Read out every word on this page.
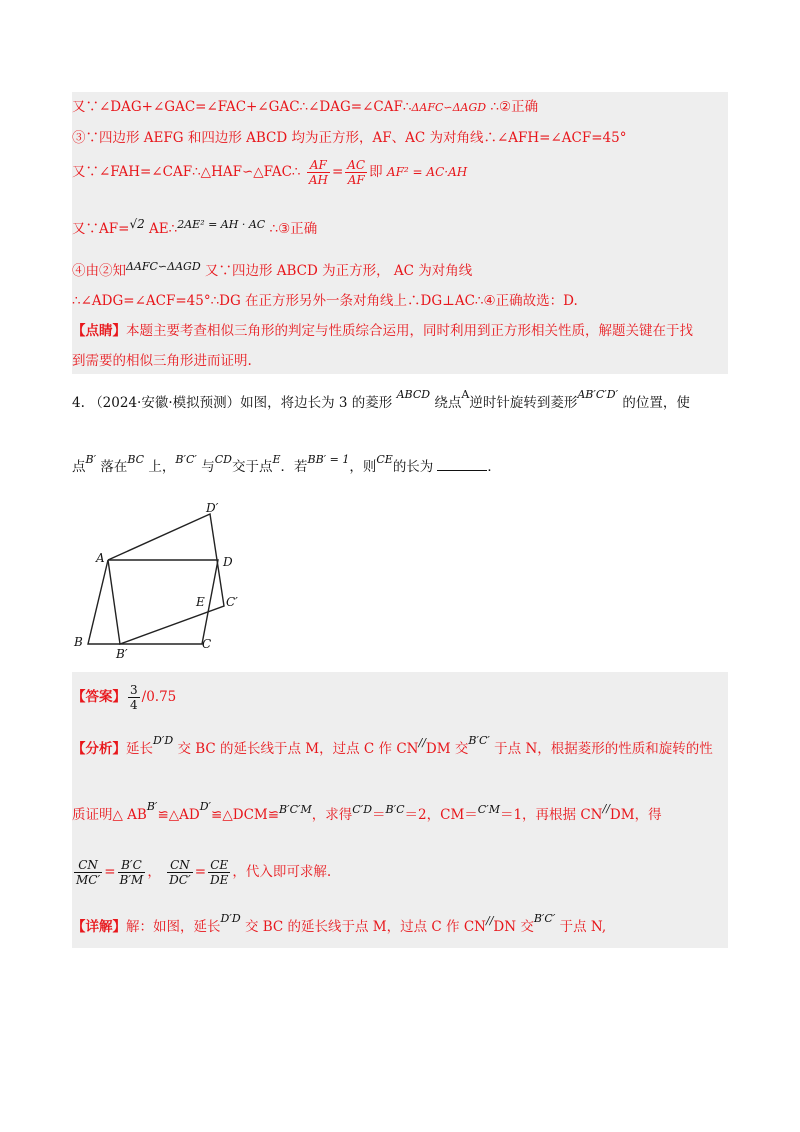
又∵∠DAG+∠GAC=∠FAC+∠GAC∴∠DAG=∠CAF∴ΔAFC∽ΔAGD ∴②正确
③∵四边形 AEFG 和四边形 ABCD 均为正方形，AF、AC 为对角线∴∠AFH=∠ACF=45°
又∵∠FAH=∠CAF∴△HAF∽△FAC∴ $\frac{AF}{AH} = \frac{AC}{AF}$ 即 AF² = AC·AH
又∵AF=√2 AE∴$^{2AE^2 = AH \cdot AC}$ ∴③正确
④由②知$^{\Delta AFC∽\Delta AGD}$ 又∵四边形 ABCD 为正方形， AC 为对角线
∴∠ADG=∠ACF=45°∴DG 在正方形另外一条对角线上∴DG⊥AC∴④正确故选：D.
【点睛】本题主要考查相似三角形的判定与性质综合运用，同时利用到正方形相关性质，解题关键在于找
到需要的相似三角形进而证明.
4. （2024·安徽·模拟预测）如图，将边长为 3 的菱形 $^{ABCD}$ 绕点$^A$逆时针旋转到菱形$^{AB'C'D'}$ 的位置，使
点$^{B'}$ 落在$^{BC}$ 上，$^{B'C'}$ 与$^{CD}$交于点$^E$．若$^{BB' = 1}$，则$^{CE}$的长为	．
D′
A	D
E C′
B
B′
C
【答案】 $\frac{3}{4} /0.75$
【分析】延长$^{D'D}$ 交 BC 的延长线于点 M，过点 C 作 CN//DM 交$^{B'C'}$ 于点 N，根据菱形的性质和旋转的性
质证明△ $AB^{B'}≌\triangle AD^{D'}≌\triangle DCM≌^{B'C'M}$，求得$^{C'D}$＝$^{B'C}$＝2，CM＝$^{C'M}$＝1，再根据 CN//DM，得
$\frac{CN}{MC'} = \frac{B'C}{B'M}$ ， $\frac{CN}{DC'} = \frac{CE}{DE}$ ，代入即可求解.
【详解】解：如图，延长$^{D'D}$ 交 BC 的延长线于点 M，过点 C 作 CN//DN 交$^{B'C'}$ 于点 N,
